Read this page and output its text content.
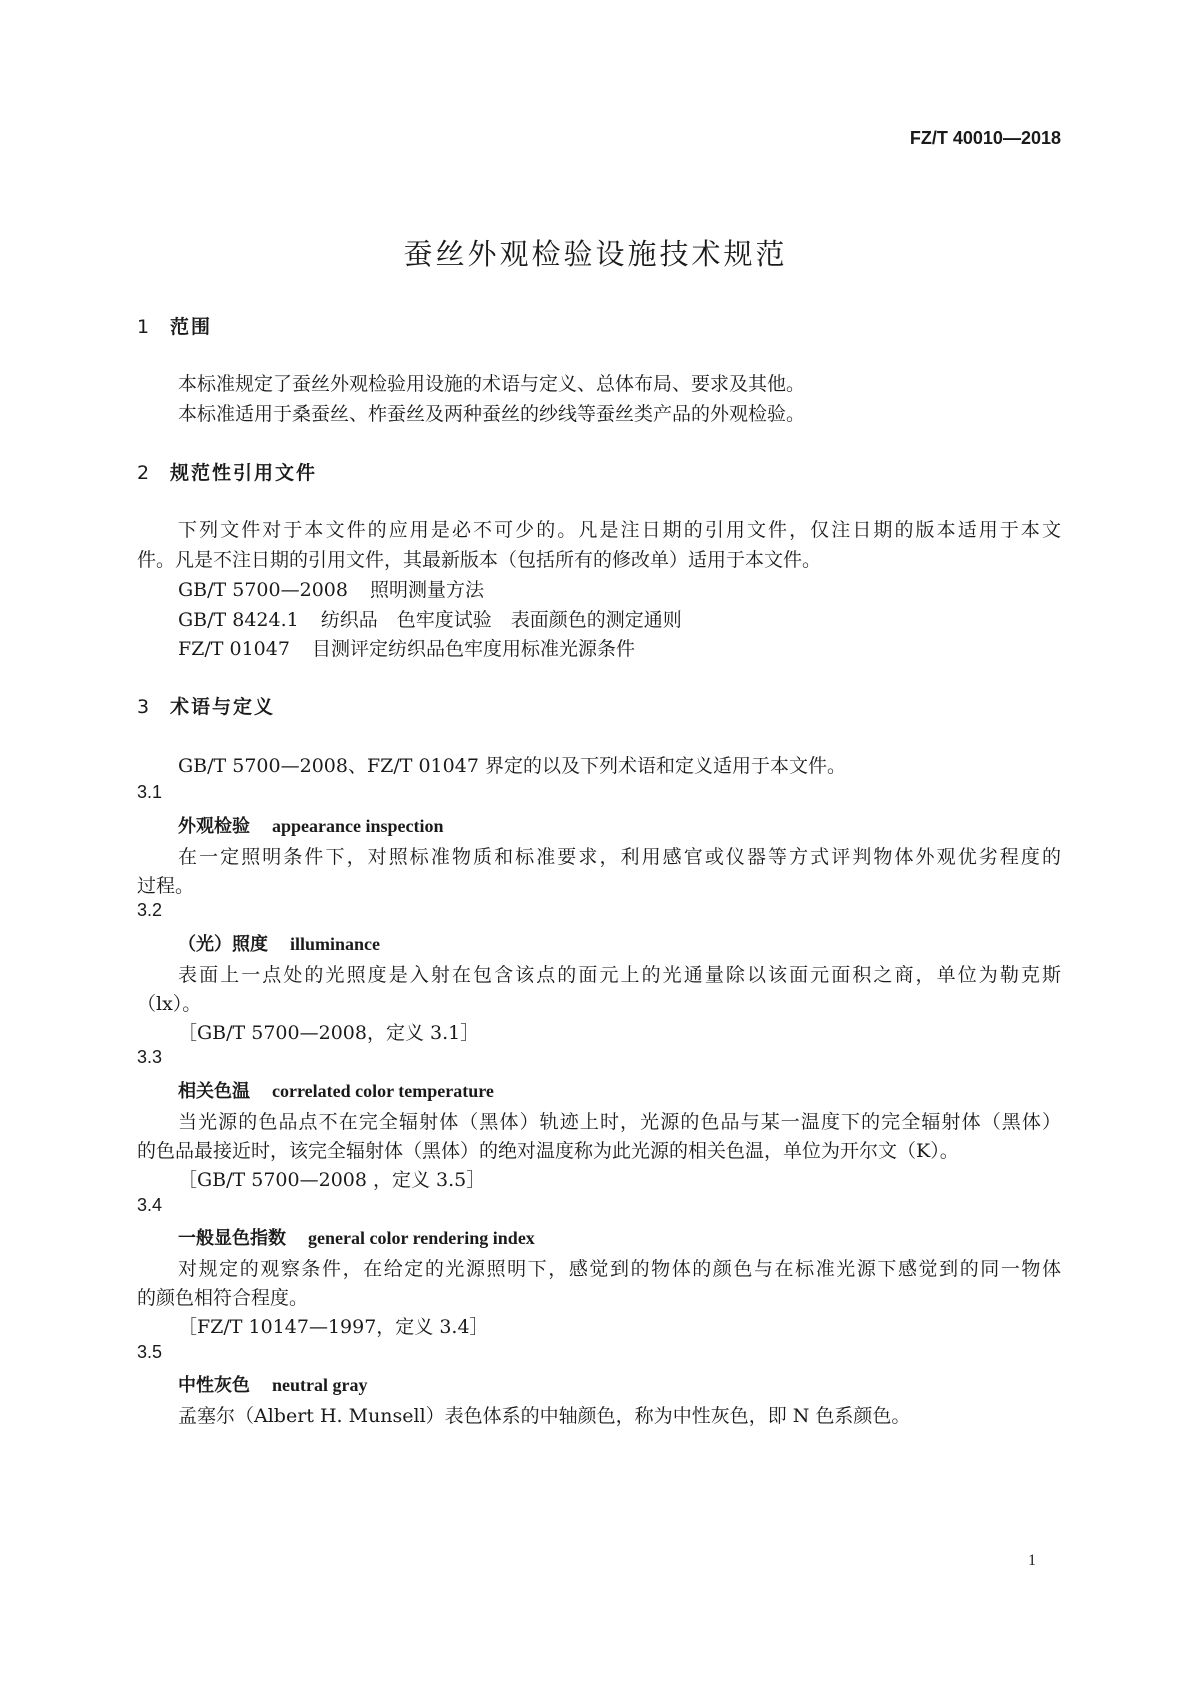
FZ/T 40010—2018
蚕丝外观检验设施技术规范
1 范围
本标准规定了蚕丝外观检验用设施的术语与定义、总体布局、要求及其他。
本标准适用于桑蚕丝、柞蚕丝及两种蚕丝的纱线等蚕丝类产品的外观检验。
2 规范性引用文件
下列文件对于本文件的应用是必不可少的。凡是注日期的引用文件，仅注日期的版本适用于本文
件。凡是不注日期的引用文件，其最新版本（包括所有的修改单）适用于本文件。
GB/T 5700—2008 照明测量方法
GB/T 8424.1 纺织品　色牢度试验　表面颜色的测定通则
FZ/T 01047 目测评定纺织品色牢度用标准光源条件
3 术语与定义
GB/T 5700—2008、FZ/T 01047 界定的以及下列术语和定义适用于本文件。
3.1
外观检验 appearance inspection
在一定照明条件下，对照标准物质和标准要求，利用感官或仪器等方式评判物体外观优劣程度的
过程。
3.2
（光）照度 illuminance
表面上一点处的光照度是入射在包含该点的面元上的光通量除以该面元面积之商，单位为勒克斯
（lx）。
［GB/T 5700—2008，定义 3.1］
3.3
相关色温 correlated color temperature
当光源的色品点不在完全辐射体（黑体）轨迹上时，光源的色品与某一温度下的完全辐射体（黑体）
的色品最接近时，该完全辐射体（黑体）的绝对温度称为此光源的相关色温，单位为开尔文（K）。
［GB/T 5700—2008 ，定义 3.5］
3.4
一般显色指数 general color rendering index
对规定的观察条件，在给定的光源照明下，感觉到的物体的颜色与在标准光源下感觉到的同一物体
的颜色相符合程度。
［FZ/T 10147—1997，定义 3.4］
3.5
中性灰色 neutral gray
孟塞尔（Albert H. Munsell）表色体系的中轴颜色，称为中性灰色，即 N 色系颜色。
1
